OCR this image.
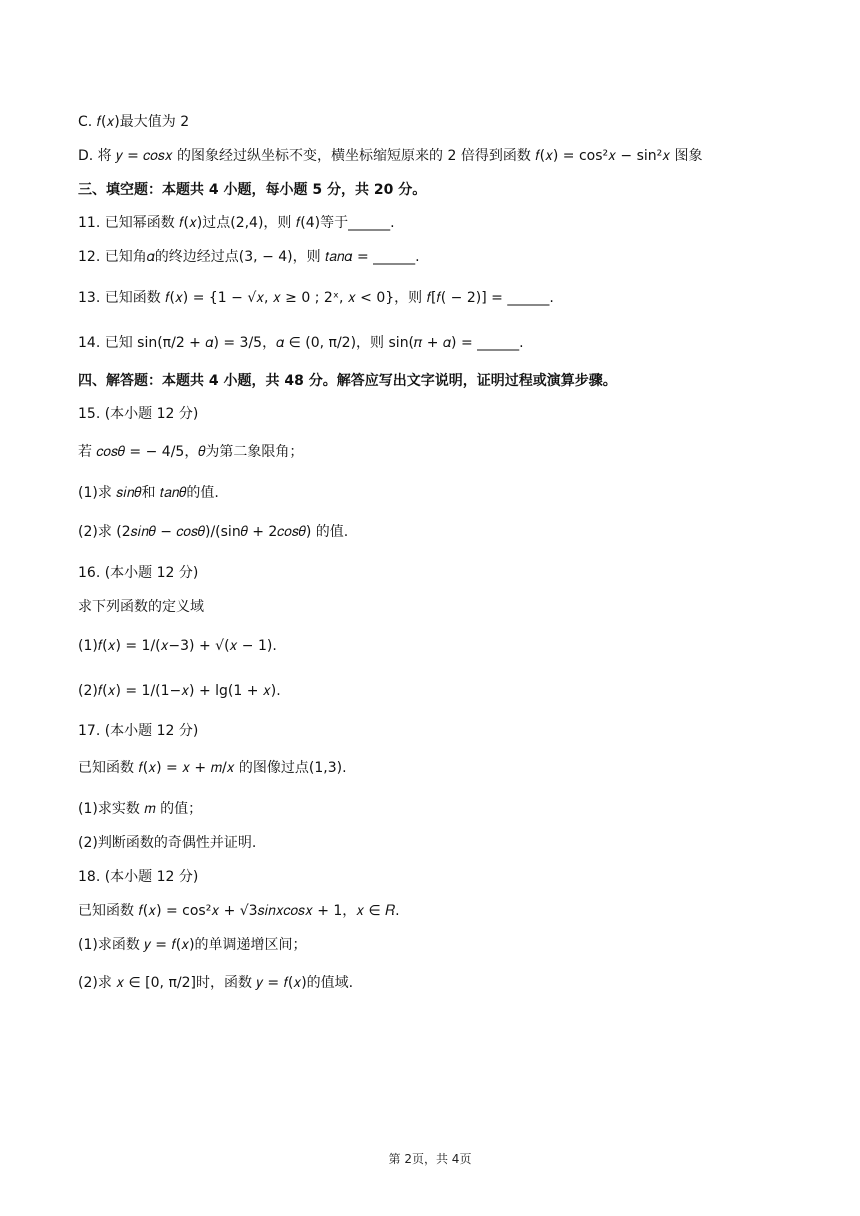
C. 𝑓(𝑥)最大值为 2
D. 将 𝑦 = 𝑐𝑜𝑠𝑥 的图象经过纵坐标不变，横坐标缩短原来的 2 倍得到函数 𝑓(𝑥) = cos²𝑥 − sin²𝑥 图象
三、填空题：本题共 4 小题，每小题 5 分，共 20 分。
11. 已知幂函数 𝑓(𝑥)过点(2,4)，则 𝑓(4)等于______.
12. 已知角𝛼的终边经过点(3, − 4)，则 𝑡𝑎𝑛𝛼 = ______.
13. 已知函数 𝑓(𝑥) = {1 − √𝑥, 𝑥 ≥ 0 ; 2ˣ, 𝑥 < 0}，则 𝑓[𝑓( − 2)] = ______.
14. 已知 sin(π/2 + 𝛼) = 3/5，𝛼 ∈ (0, π/2)，则 sin(𝜋 + 𝛼) = ______.
四、解答题：本题共 4 小题，共 48 分。解答应写出文字说明，证明过程或演算步骤。
15. (本小题 12 分)
若 𝑐𝑜𝑠𝜃 = − 4/5，𝜃为第二象限角；
(1)求 𝑠𝑖𝑛𝜃和 𝑡𝑎𝑛𝜃的值.
(2)求 (2𝑠𝑖𝑛𝜃 − 𝑐𝑜𝑠𝜃)/(sin𝜃 + 2𝑐𝑜𝑠𝜃) 的值.
16. (本小题 12 分)
求下列函数的定义域
(1)𝑓(𝑥) = 1/(𝑥−3) + √(𝑥 − 1).
(2)𝑓(𝑥) = 1/(1−𝑥) + lg(1 + 𝑥).
17. (本小题 12 分)
已知函数 𝑓(𝑥) = 𝑥 + 𝑚/𝑥 的图像过点(1,3).
(1)求实数 𝑚 的值；
(2)判断函数的奇偶性并证明.
18. (本小题 12 分)
已知函数 𝑓(𝑥) = cos²𝑥 + √3𝑠𝑖𝑛𝑥𝑐𝑜𝑠𝑥 + 1，𝑥 ∈ 𝑅.
(1)求函数 𝑦 = 𝑓(𝑥)的单调递增区间；
(2)求 𝑥 ∈ [0, π/2]时，函数 𝑦 = 𝑓(𝑥)的值域.
第 2页，共 4页
